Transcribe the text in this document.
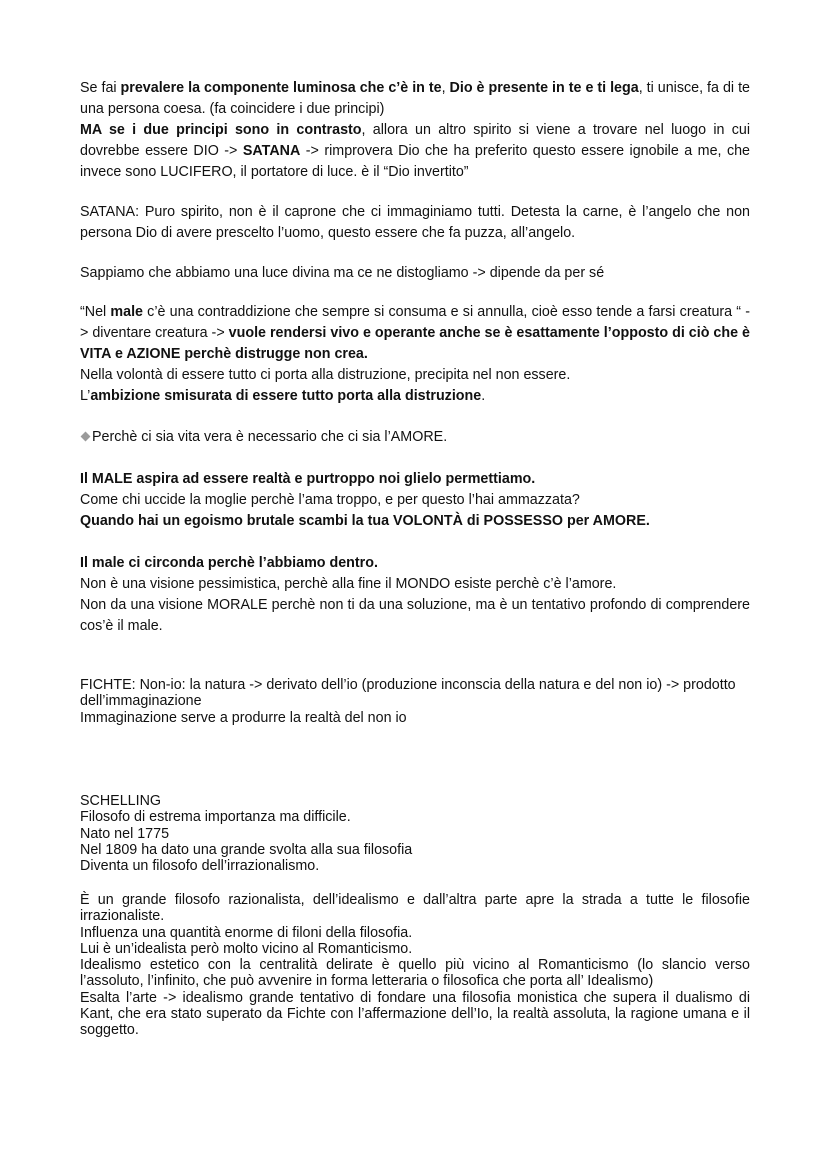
Se fai prevalere la componente luminosa che c’è in te, Dio è presente in te e ti lega, ti unisce, fa di te una persona coesa. (fa coincidere i due principi)

MA se i due principi sono in contrasto, allora un altro spirito si viene a trovare nel luogo in cui dovrebbe essere DIO -> SATANA -> rimprovera Dio che ha preferito questo essere ignobile a me, che invece sono LUCIFERO, il portatore di luce. è il “Dio invertito”

SATANA: Puro spirito, non è il caprone che ci immaginiamo tutti. Detesta la carne, è l’angelo che non persona Dio di avere prescelto l’uomo, questo essere che fa puzza, all’angelo.

Sappiamo che abbiamo una luce divina ma ce ne distogliamo -> dipende da per sé

“Nel male c’è una contraddizione che sempre si consuma e si annulla, cioè esso tende a farsi creatura “ -> diventare creatura -> vuole rendersi vivo e operante anche se è esattamente l’opposto di ciò che è VITA e AZIONE perchè distrugge non crea.

Nella volontà di essere tutto ci porta alla distruzione, precipita nel non essere.

L’ambizione smisurata di essere tutto porta alla distruzione.

Perchè ci sia vita vera è necessario che ci sia l’AMORE.

Il MALE aspira ad essere realtà e purtroppo noi glielo permettiamo.

Come chi uccide la moglie perchè l’ama troppo, e per questo l’hai ammazzata?

Quando hai un egoismo brutale scambi la tua VOLONTÀ di POSSESSO per AMORE.

Il male ci circonda perchè l’abbiamo dentro.

Non è una visione pessimistica, perchè alla fine il MONDO esiste perchè c’è l’amore.

Non da una visione MORALE perchè non ti da una soluzione, ma è un tentativo profondo di comprendere cos’è il male.

FICHTE: Non-io: la natura -> derivato dell’io (produzione inconscia della natura e del non io) -> prodotto dell’immaginazione

Immaginazione serve a produrre la realtà del non io

SCHELLING

Filosofo di estrema importanza ma difficile.

Nato nel 1775

Nel 1809 ha dato una grande svolta alla sua filosofia

Diventa un filosofo dell’irrazionalismo.

È un grande filosofo razionalista, dell’idealismo e dall’altra parte apre la strada a tutte le filosofie irrazionaliste.

Influenza una quantità enorme di filoni della filosofia.

Lui è un’idealista però molto vicino al Romanticismo.

Idealismo estetico con la centralità delirate è quello più vicino al Romanticismo (lo slancio verso l’assoluto, l’infinito, che può avvenire in forma letteraria o filosofica che porta all’ Idealismo)

Esalta l’arte -> idealismo grande tentativo di fondare una filosofia monistica che supera il dualismo di Kant, che era stato superato da Fichte con l’affermazione dell’Io, la realtà assoluta, la ragione umana e il soggetto.
